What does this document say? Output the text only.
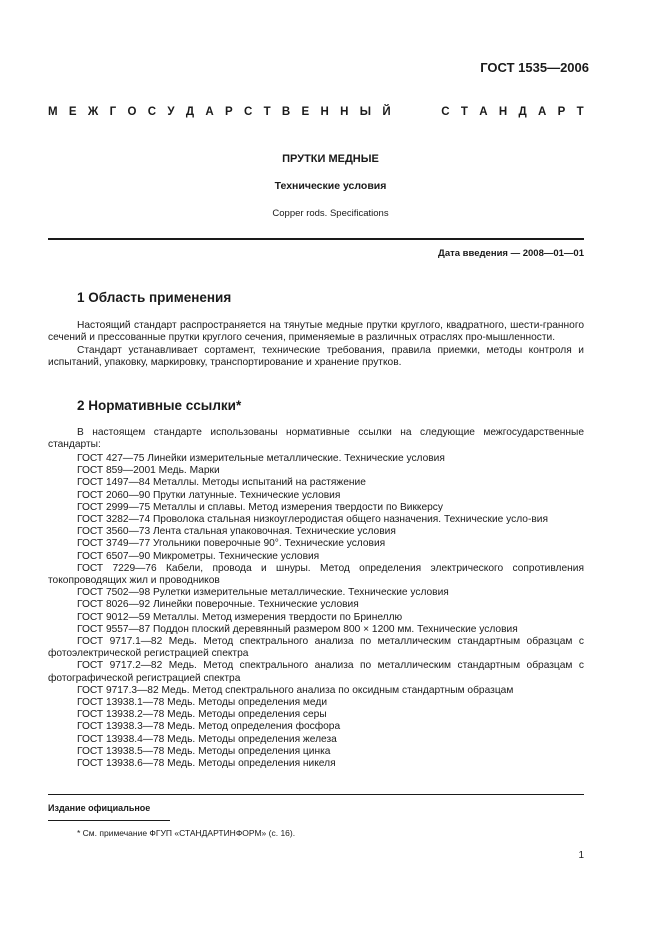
ГОСТ 1535—2006
М Е Ж Г О С У Д А Р С Т В Е Н Н Ы Й	С Т А Н Д А Р Т
ПРУТКИ МЕДНЫЕ
Технические условия
Copper rods. Specifications
Дата введения — 2008—01—01
1 Область применения

Настоящий стандарт распространяется на тянутые медные прутки круглого, квадратного, шести-гранного сечений и прессованные прутки круглого сечения, применяемые в различных отраслях про-мышленности.

Стандарт устанавливает сортамент, технические требования, правила приемки, методы контроля и испытаний, упаковку, маркировку, транспортирование и хранение прутков.

2 Нормативные ссылки*

В настоящем стандарте использованы нормативные ссылки на следующие межгосударственные стандарты:

ГОСТ 427—75 Линейки измерительные металлические. Технические условия

ГОСТ 859—2001 Медь. Марки

ГОСТ 1497—84 Металлы. Методы испытаний на растяжение

ГОСТ 2060—90 Прутки латунные. Технические условия

ГОСТ 2999—75 Металлы и сплавы. Метод измерения твердости по Виккерсу

ГОСТ 3282—74 Проволока стальная низкоуглеродистая общего назначения. Технические усло-вия

ГОСТ 3560—73 Лента стальная упаковочная. Технические условия

ГОСТ 3749—77 Угольники поверочные 90°. Технические условия

ГОСТ 6507—90 Микрометры. Технические условия

ГОСТ 7229—76 Кабели, провода и шнуры. Метод определения электрического сопротивления токопроводящих жил и проводников

ГОСТ 7502—98 Рулетки измерительные металлические. Технические условия

ГОСТ 8026—92 Линейки поверочные. Технические условия

ГОСТ 9012—59 Металлы. Метод измерения твердости по Бринеллю

ГОСТ 9557—87 Поддон плоский деревянный размером 800 × 1200 мм. Технические условия

ГОСТ 9717.1—82 Медь. Метод спектрального анализа по металлическим стандартным образцам с фотоэлектрической регистрацией спектра

ГОСТ 9717.2—82 Медь. Метод спектрального анализа по металлическим стандартным образцам с фотографической регистрацией спектра

ГОСТ 9717.3—82 Медь. Метод спектрального анализа по оксидным стандартным образцам

ГОСТ 13938.1—78 Медь. Методы определения меди

ГОСТ 13938.2—78 Медь. Методы определения серы

ГОСТ 13938.3—78 Медь. Метод определения фосфора

ГОСТ 13938.4—78 Медь. Методы определения железа

ГОСТ 13938.5—78 Медь. Методы определения цинка

ГОСТ 13938.6—78 Медь. Методы определения никеля

Издание официальное
* См. примечание ФГУП «СТАНДАРТИНФОРМ» (с. 16).
1
